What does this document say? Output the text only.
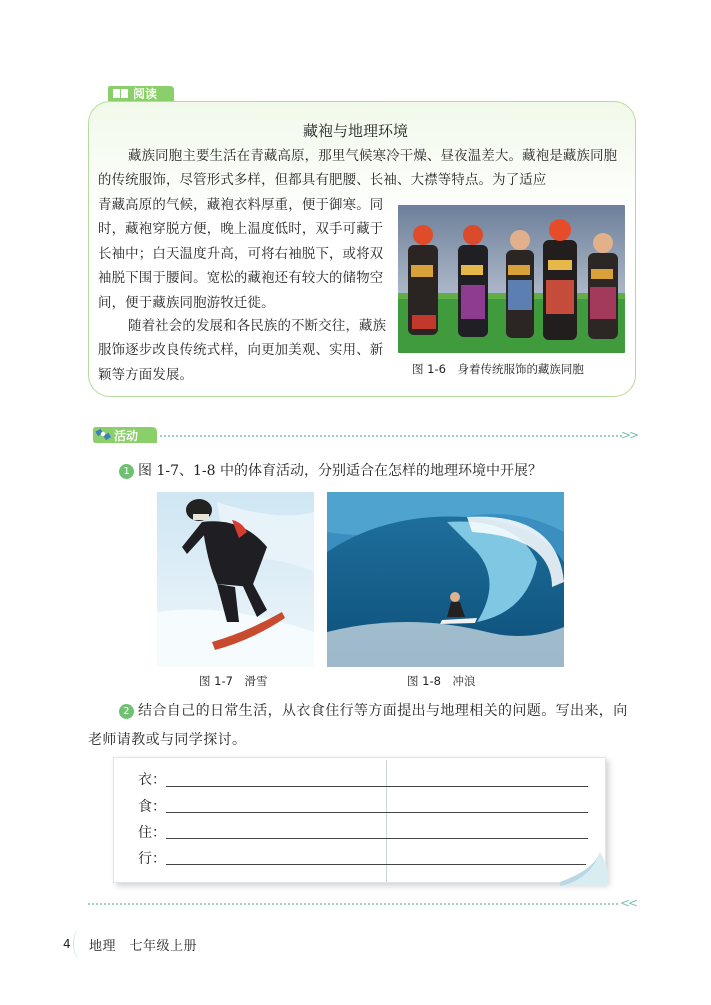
阅读
藏袍与地理环境
藏族同胞主要生活在青藏高原，那里气候寒冷干燥、昼夜温差大。藏袍是藏族同胞的传统服饰，尽管形式多样，但都具有肥腰、长袖、大襟等特点。为了适应
青藏高原的气候，藏袍衣料厚重，便于御寒。同时，藏袍穿脱方便，晚上温度低时，双手可藏于长袖中；白天温度升高，可将右袖脱下，或将双袖脱下围于腰间。宽松的藏袍还有较大的储物空间，便于藏族同胞游牧迁徙。
随着社会的发展和各民族的不断交往，藏族服饰逐步改良传统式样，向更加美观、实用、新颖等方面发展。	图 1-6　身着传统服饰的藏族同胞
活动	>>
1 图 1-7、1-8 中的体育活动，分别适合在怎样的地理环境中开展？
图 1-7　滑雪	图 1-8　冲浪
2 结合自己的日常生活，从衣食住行等方面提出与地理相关的问题。写出来，向老师请教或与同学探讨。
衣：
食：
住：
行：
<<
4 地理　七年级上册
